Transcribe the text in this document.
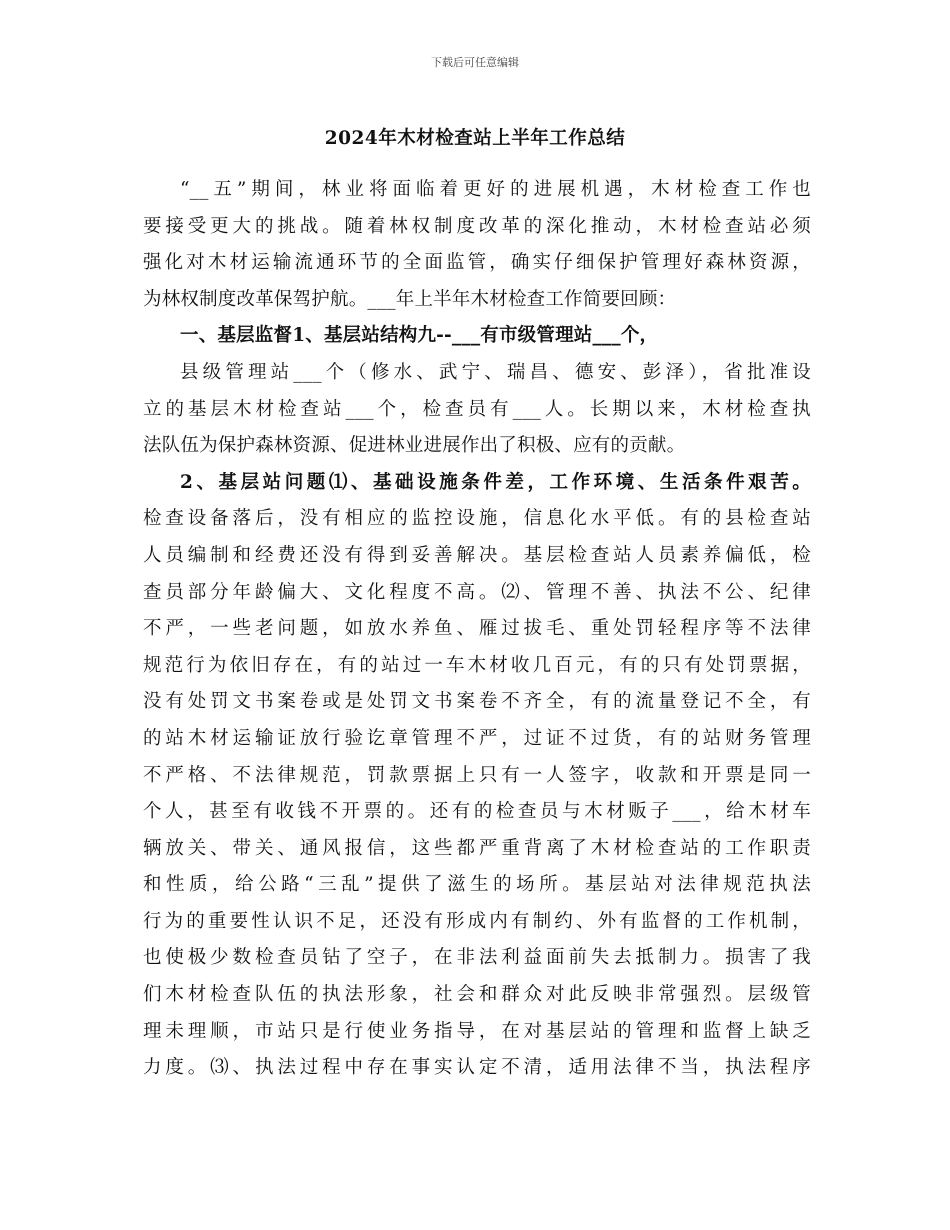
下载后可任意编辑
2024年木材检查站上半年工作总结
“__五”期间，林业将面临着更好的进展机遇，木材检查工作也
要接受更大的挑战。随着林权制度改革的深化推动，木材检查站必须
强化对木材运输流通环节的全面监管，确实仔细保护管理好森林资源，
为林权制度改革保驾护航。___年上半年木材检查工作简要回顾：
一、基层监督1、基层站结构九--___有市级管理站___个，
县级管理站___个（修水、武宁、瑞昌、德安、彭泽），省批准设
立的基层木材检查站___个，检查员有___人。长期以来，木材检查执
法队伍为保护森林资源、促进林业进展作出了积极、应有的贡献。
2、基层站问题⑴、基础设施条件差，工作环境、生活条件艰苦。
检查设备落后，没有相应的监控设施，信息化水平低。有的县检查站
人员编制和经费还没有得到妥善解决。基层检查站人员素养偏低，检
查员部分年龄偏大、文化程度不高。⑵、管理不善、执法不公、纪律
不严，一些老问题，如放水养鱼、雁过拔毛、重处罚轻程序等不法律
规范行为依旧存在，有的站过一车木材收几百元，有的只有处罚票据，
没有处罚文书案卷或是处罚文书案卷不齐全，有的流量登记不全，有
的站木材运输证放行验讫章管理不严，过证不过货，有的站财务管理
不严格、不法律规范，罚款票据上只有一人签字，收款和开票是同一
个人，甚至有收钱不开票的。还有的检查员与木材贩子___，给木材车
辆放关、带关、通风报信，这些都严重背离了木材检查站的工作职责
和性质，给公路“三乱”提供了滋生的场所。基层站对法律规范执法
行为的重要性认识不足，还没有形成内有制约、外有监督的工作机制，
也使极少数检查员钻了空子，在非法利益面前失去抵制力。损害了我
们木材检查队伍的执法形象，社会和群众对此反映非常强烈。层级管
理未理顺，市站只是行使业务指导，在对基层站的管理和监督上缺乏
力度。⑶、执法过程中存在事实认定不清，适用法律不当，执法程序
